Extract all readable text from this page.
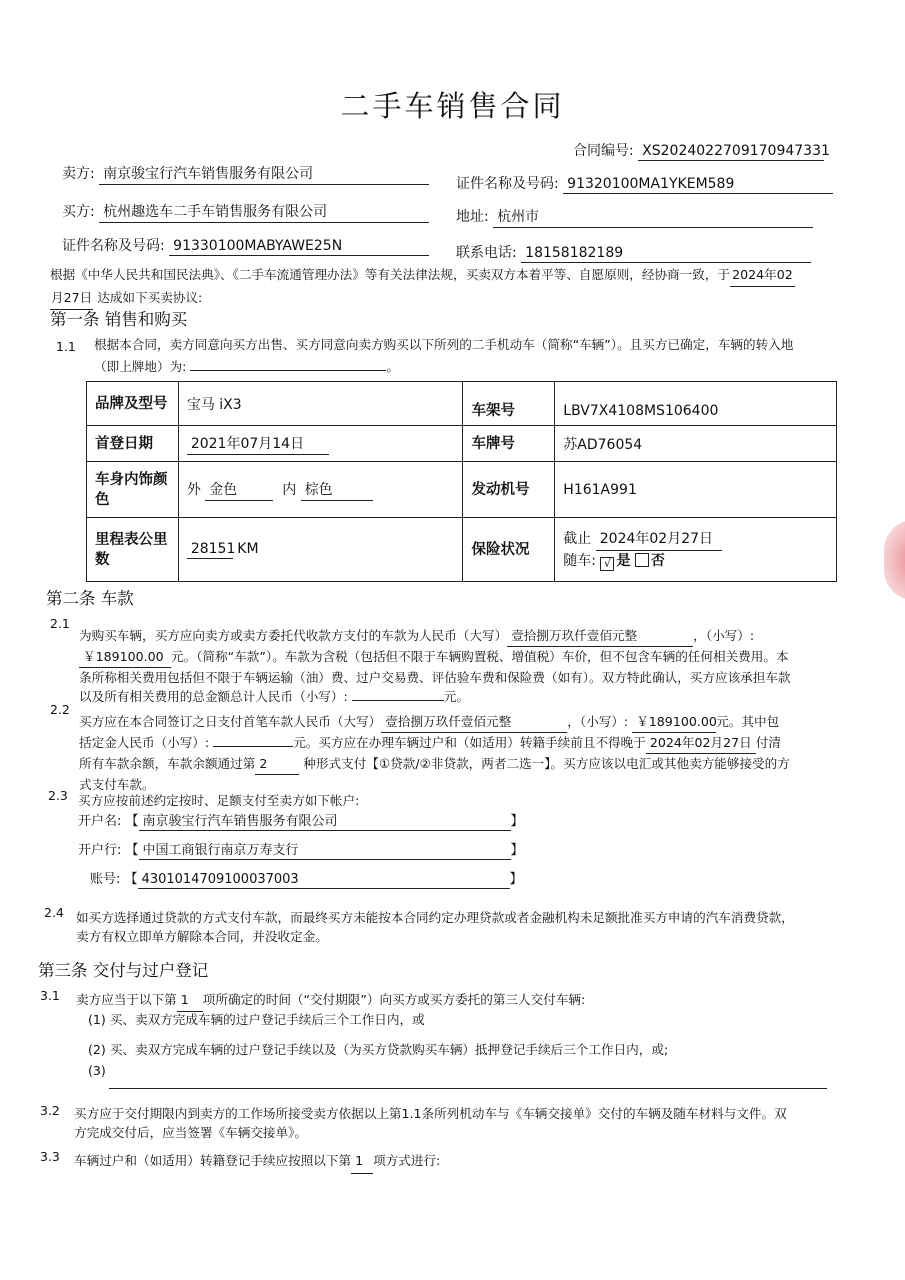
二手车销售合同
合同编号: XS2024022709170947331
卖方: 南京骏宝行汽车销售服务有限公司
证件名称及号码: 91320100MA1YKEM589
买方: 杭州趣选车二手车销售服务有限公司	地址: 杭州市
证件名称及号码: 91330100MABYAWE25N	联系电话: 18158182189
根据《中华人民共和国民法典》、《二手车流通管理办法》等有关法律法规，买卖双方本着平等、自愿原则，经协商一致，于 2024年02
月27日 达成如下买卖协议:
第一条 销售和购买
1.1 根据本合同，卖方同意向买方出售、买方同意向卖方购买以下所列的二手机动车（简称“车辆”）。且买方已确定，车辆的转入地
（即上牌地）为:	。
品牌及型号	宝马 iX3	车架号	LBV7X4108MS106400
首登日期	2021年07月14日	车牌号	苏AD76054
车身内饰颜色	外 金色 内 棕色	发动机号	H161A991
里程表公里数	28151 KM	保险状况	截止 2024年02月27日
随车: √ 是 否
第二条 车款
2.1
为购买车辆，买方应向卖方或卖方委托代收款方支付的车款为人民币（大写） 壹拾捌万玖仟壹佰元整	，（小写）:
￥189100.00 元。（简称“车款”）。车款为含税（包括但不限于车辆购置税、增值税）车价，但不包含车辆的任何相关费用。本
条所称相关费用包括但不限于车辆运输（油）费、过户交易费、评估验车费和保险费（如有）。双方特此确认，买方应该承担车款
以及所有相关费用的总金额总计人民币（小写）:	元。
2.2
买方应在本合同签订之日支付首笔车款人民币（大写） 壹拾捌万玖仟壹佰元整	，（小写）: ￥189100.00元。其中包
括定金人民币（小写）:	元。买方应在办理车辆过户和（如适用）转籍手续前且不得晚于 2024年02月27日 付清
所有车款余额，车款余额通过第 2	种形式支付【①贷款/②非贷款，两者二选一】。买方应该以电汇或其他卖方能够接受的方
式支付车款。
2.3 买方应按前述约定按时、足额支付至卖方如下帐户:
开户名: 【 南京骏宝行汽车销售服务有限公司	】
开户行: 【 中国工商银行南京万寿支行	】
账号: 【 4301014709100037003	】
2.4 如买方选择通过贷款的方式支付车款，而最终买方未能按本合同约定办理贷款或者金融机构未足额批准买方申请的汽车消费贷款，
卖方有权立即单方解除本合同，并没收定金。
第三条 交付与过户登记
3.1 卖方应当于以下第 1 项所确定的时间（“交付期限”）向买方或买方委托的第三人交付车辆:
(1) 买、卖双方完成车辆的过户登记手续后三个工作日内，或
(2) 买、卖双方完成车辆的过户登记手续以及（为买方贷款购买车辆）抵押登记手续后三个工作日内，或;
(3)
3.2 买方应于交付期限内到卖方的工作场所接受卖方依据以上第1.1条所列机动车与《车辆交接单》交付的车辆及随车材料与文件。双
方完成交付后，应当签署《车辆交接单》。
3.3 车辆过户和（如适用）转籍登记手续应按照以下第 1 项方式进行:
